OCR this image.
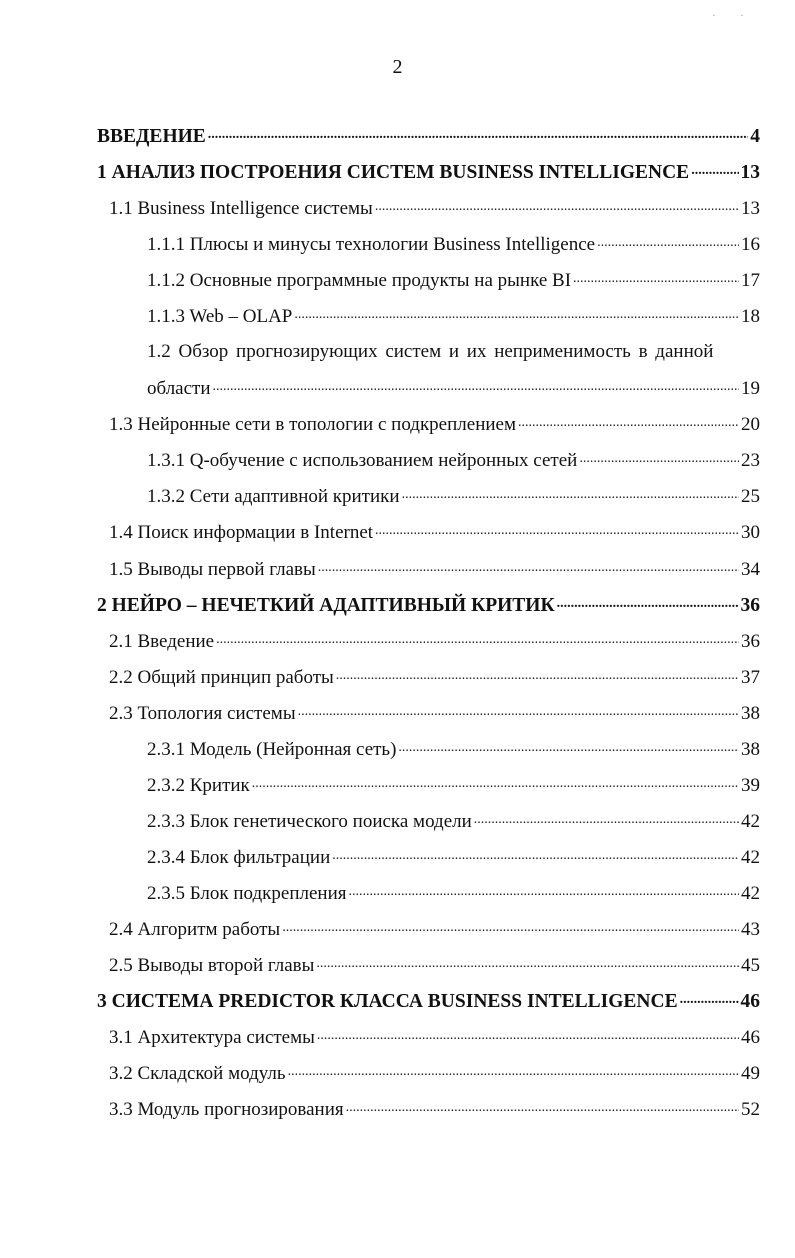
2
· ·
ВВЕДЕНИЕ .....	4
1 АНАЛИЗ ПОСТРОЕНИЯ СИСТЕМ BUSINESS INTELLIGENCE .....	13
1.1 Business Intelligence системы .....	13
1.1.1 Плюсы и минусы технологии Business Intelligence .....	16
1.1.2 Основные программные продукты на рынке BI .....	17
1.1.3 Web – OLAP .....	18
1.2 Обзор прогнозирующих систем и их неприменимость в данной
области .....	19
1.3 Нейронные сети в топологии с подкреплением .....	20
1.3.1 Q-обучение с использованием нейронных сетей .....	23
1.3.2 Сети адаптивной критики .....	25
1.4 Поиск информации в Internet .....	30
1.5 Выводы первой главы .....	34
2 НЕЙРО – НЕЧЕТКИЙ АДАПТИВНЫЙ КРИТИК .....	36
2.1 Введение .....	36
2.2 Общий принцип работы .....	37
2.3 Топология системы .....	38
2.3.1 Модель (Нейронная сеть) .....	38
2.3.2 Критик .....	39
2.3.3 Блок генетического поиска модели .....	42
2.3.4 Блок фильтрации .....	42
2.3.5 Блок подкрепления .....	42
2.4 Алгоритм работы .....	43
2.5 Выводы второй главы .....	45
3 СИСТЕМА PREDICTOR КЛАССА BUSINESS INTELLIGENCE .....	46
3.1 Архитектура системы .....	46
3.2 Складской модуль .....	49
3.3 Модуль прогнозирования .....	52
